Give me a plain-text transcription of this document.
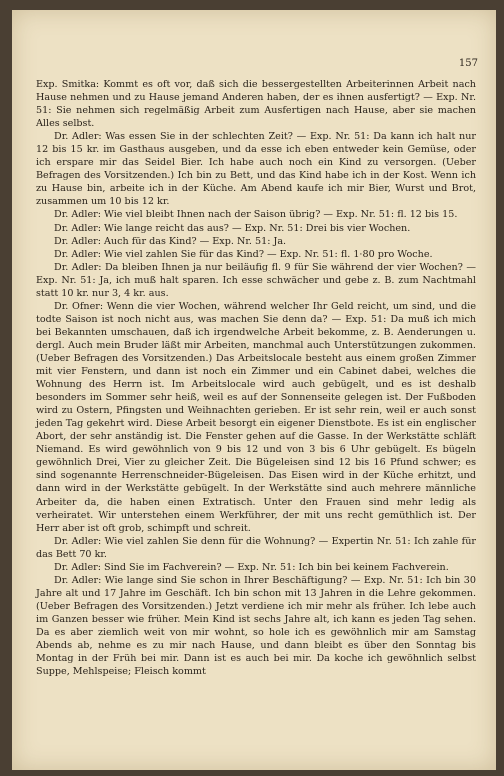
157

Exp. Smitka: Kommt es oft vor, daß sich die bessergestellten Arbeiterinnen Arbeit nach Hause nehmen und zu Hause jemand Anderen haben, der es ihnen ausfertigt? — Exp. Nr. 51: Sie nehmen sich regelmäßig Arbeit zum Ausfertigen nach Hause, aber sie machen Alles selbst.

Dr. Adler: Was essen Sie in der schlechten Zeit? — Exp. Nr. 51: Da kann ich halt nur 12 bis 15 kr. im Gasthaus ausgeben, und da esse ich eben entweder kein Gemüse, oder ich erspare mir das Seidel Bier. Ich habe auch noch ein Kind zu versorgen. (Ueber Befragen des Vorsitzenden.) Ich bin zu Bett, und das Kind habe ich in der Kost. Wenn ich zu Hause bin, arbeite ich in der Küche. Am Abend kaufe ich mir Bier, Wurst und Brot, zusammen um 10 bis 12 kr.

Dr. Adler: Wie viel bleibt Ihnen nach der Saison übrig? — Exp. Nr. 51: fl. 12 bis 15.

Dr. Adler: Wie lange reicht das aus? — Exp. Nr. 51: Drei bis vier Wochen.

Dr. Adler: Auch für das Kind? — Exp. Nr. 51: Ja.

Dr. Adler: Wie viel zahlen Sie für das Kind? — Exp. Nr. 51: fl. 1·80 pro Woche.

Dr. Adler: Da bleiben Ihnen ja nur beiläufig fl. 9 für Sie während der vier Wochen? — Exp. Nr. 51: Ja, ich muß halt sparen. Ich esse schwächer und gebe z. B. zum Nachtmahl statt 10 kr. nur 3, 4 kr. aus.

Dr. Ofner: Wenn die vier Wochen, während welcher Ihr Geld reicht, um sind, und die todte Saison ist noch nicht aus, was machen Sie denn da? — Exp. 51: Da muß ich mich bei Bekannten umschauen, daß ich irgendwelche Arbeit bekomme, z. B. Aenderungen u. dergl. Auch mein Bruder läßt mir Arbeiten, manchmal auch Unterstützungen zukommen. (Ueber Befragen des Vorsitzenden.) Das Arbeitslocale besteht aus einem großen Zimmer mit vier Fenstern, und dann ist noch ein Zimmer und ein Cabinet dabei, welches die Wohnung des Herrn ist. Im Arbeitslocale wird auch gebügelt, und es ist deshalb besonders im Sommer sehr heiß, weil es auf der Sonnenseite gelegen ist. Der Fußboden wird zu Ostern, Pfingsten und Weihnachten gerieben. Er ist sehr rein, weil er auch sonst jeden Tag gekehrt wird. Diese Arbeit besorgt ein eigener Dienstbote. Es ist ein englischer Abort, der sehr anständig ist. Die Fenster gehen auf die Gasse. In der Werkstätte schläft Niemand. Es wird gewöhnlich von 9 bis 12 und von 3 bis 6 Uhr gebügelt. Es bügeln gewöhnlich Drei, Vier zu gleicher Zeit. Die Bügeleisen sind 12 bis 16 Pfund schwer; es sind sogenannte Herrenschneider-Bügeleisen. Das Eisen wird in der Küche erhitzt, und dann wird in der Werkstätte gebügelt. In der Werkstätte sind auch mehrere männliche Arbeiter da, die haben einen Extratisch. Unter den Frauen sind mehr ledig als verheiratet. Wir unterstehen einem Werkführer, der mit uns recht gemüthlich ist. Der Herr aber ist oft grob, schimpft und schreit.

Dr. Adler: Wie viel zahlen Sie denn für die Wohnung? — Expertin Nr. 51: Ich zahle für das Bett 70 kr.

Dr. Adler: Sind Sie im Fachverein? — Exp. Nr. 51: Ich bin bei keinem Fachverein.

Dr. Adler: Wie lange sind Sie schon in Ihrer Beschäftigung? — Exp. Nr. 51: Ich bin 30 Jahre alt und 17 Jahre im Geschäft. Ich bin schon mit 13 Jahren in die Lehre gekommen. (Ueber Befragen des Vorsitzenden.) Jetzt verdiene ich mir mehr als früher. Ich lebe auch im Ganzen besser wie früher. Mein Kind ist sechs Jahre alt, ich kann es jeden Tag sehen. Da es aber ziemlich weit von mir wohnt, so hole ich es gewöhnlich mir am Samstag Abends ab, nehme es zu mir nach Hause, und dann bleibt es über den Sonntag bis Montag in der Früh bei mir. Dann ist es auch bei mir. Da koche ich gewöhnlich selbst Suppe, Mehlspeise; Fleisch kommt
